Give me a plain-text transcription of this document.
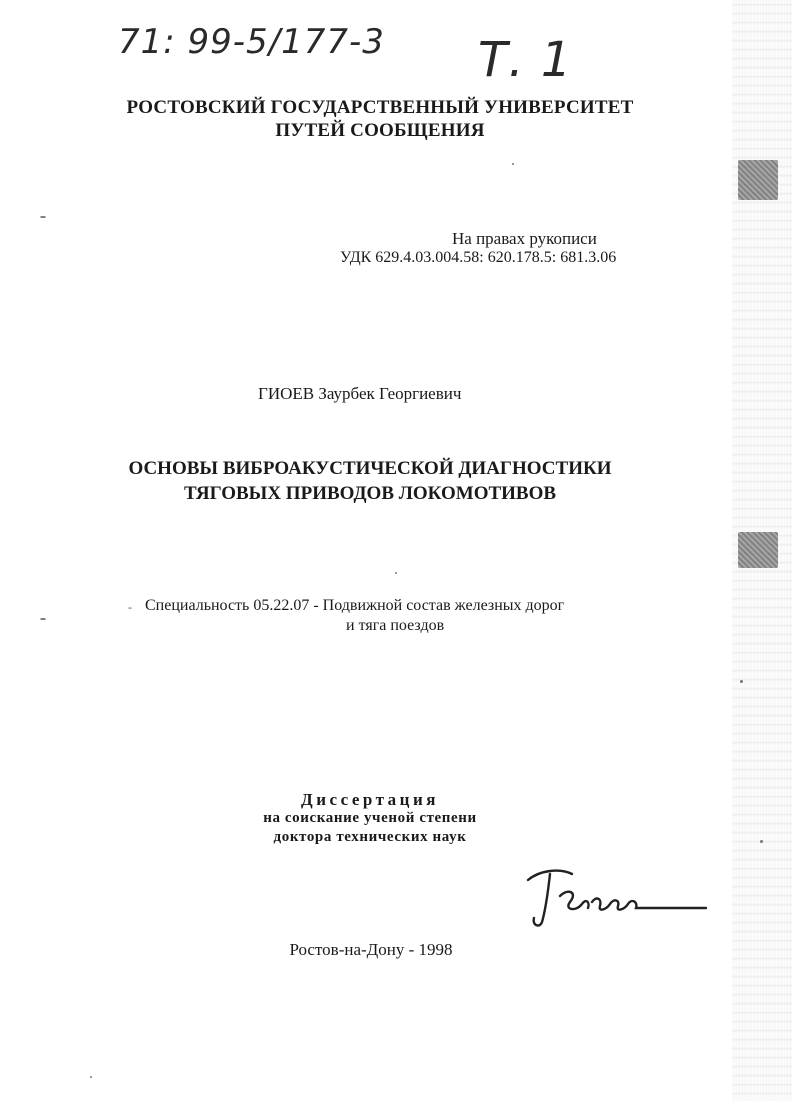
71: 99-5/177-3 Т. 1
РОСТОВСКИЙ ГОСУДАРСТВЕННЫЙ УНИВЕРСИТЕТ
ПУТЕЙ СООБЩЕНИЯ
На правах рукописи
УДК 629.4.03.004.58: 620.178.5: 681.3.06
ГИОЕВ Заурбек Георгиевич
ОСНОВЫ ВИБРОАКУСТИЧЕСКОЙ ДИАГНОСТИКИ
ТЯГОВЫХ ПРИВОДОВ ЛОКОМОТИВОВ
- Специальность 05.22.07 - Подвижной состав железных дорог
и тяга поездов
Диссертация
на соискание ученой степени
доктора технических наук
Ростов-на-Дону - 1998
